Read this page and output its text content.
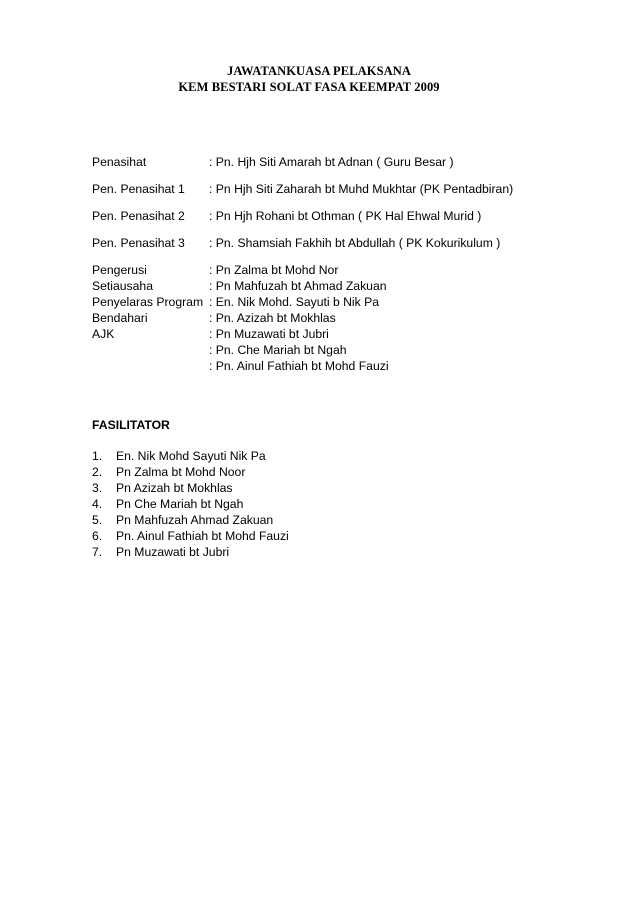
JAWATANKUASA PELAKSANA
KEM BESTARI SOLAT FASA KEEMPAT 2009
Penasihat	: Pn. Hjh Siti Amarah bt Adnan ( Guru Besar )
Pen. Penasihat 1 : Pn Hjh Siti Zaharah bt Muhd Mukhtar (PK Pentadbiran)
Pen. Penasihat 2 : Pn Hjh Rohani bt Othman ( PK Hal Ehwal Murid )
Pen. Penasihat 3 : Pn. Shamsiah Fakhih bt Abdullah ( PK Kokurikulum )
Pengerusi	: Pn Zalma bt Mohd Nor
Setiausaha	: Pn Mahfuzah bt Ahmad Zakuan
Penyelaras Program : En. Nik Mohd. Sayuti b Nik Pa
Bendahari	: Pn. Azizah bt Mokhlas
AJK	: Pn Muzawati bt Jubri
: Pn. Che Mariah bt Ngah
: Pn. Ainul Fathiah bt Mohd Fauzi
FASILITATOR
1. En. Nik Mohd Sayuti Nik Pa
2. Pn Zalma bt Mohd Noor
3. Pn Azizah bt Mokhlas
4. Pn Che Mariah bt Ngah
5. Pn Mahfuzah Ahmad Zakuan
6. Pn. Ainul Fathiah bt Mohd Fauzi
7. Pn Muzawati bt Jubri
